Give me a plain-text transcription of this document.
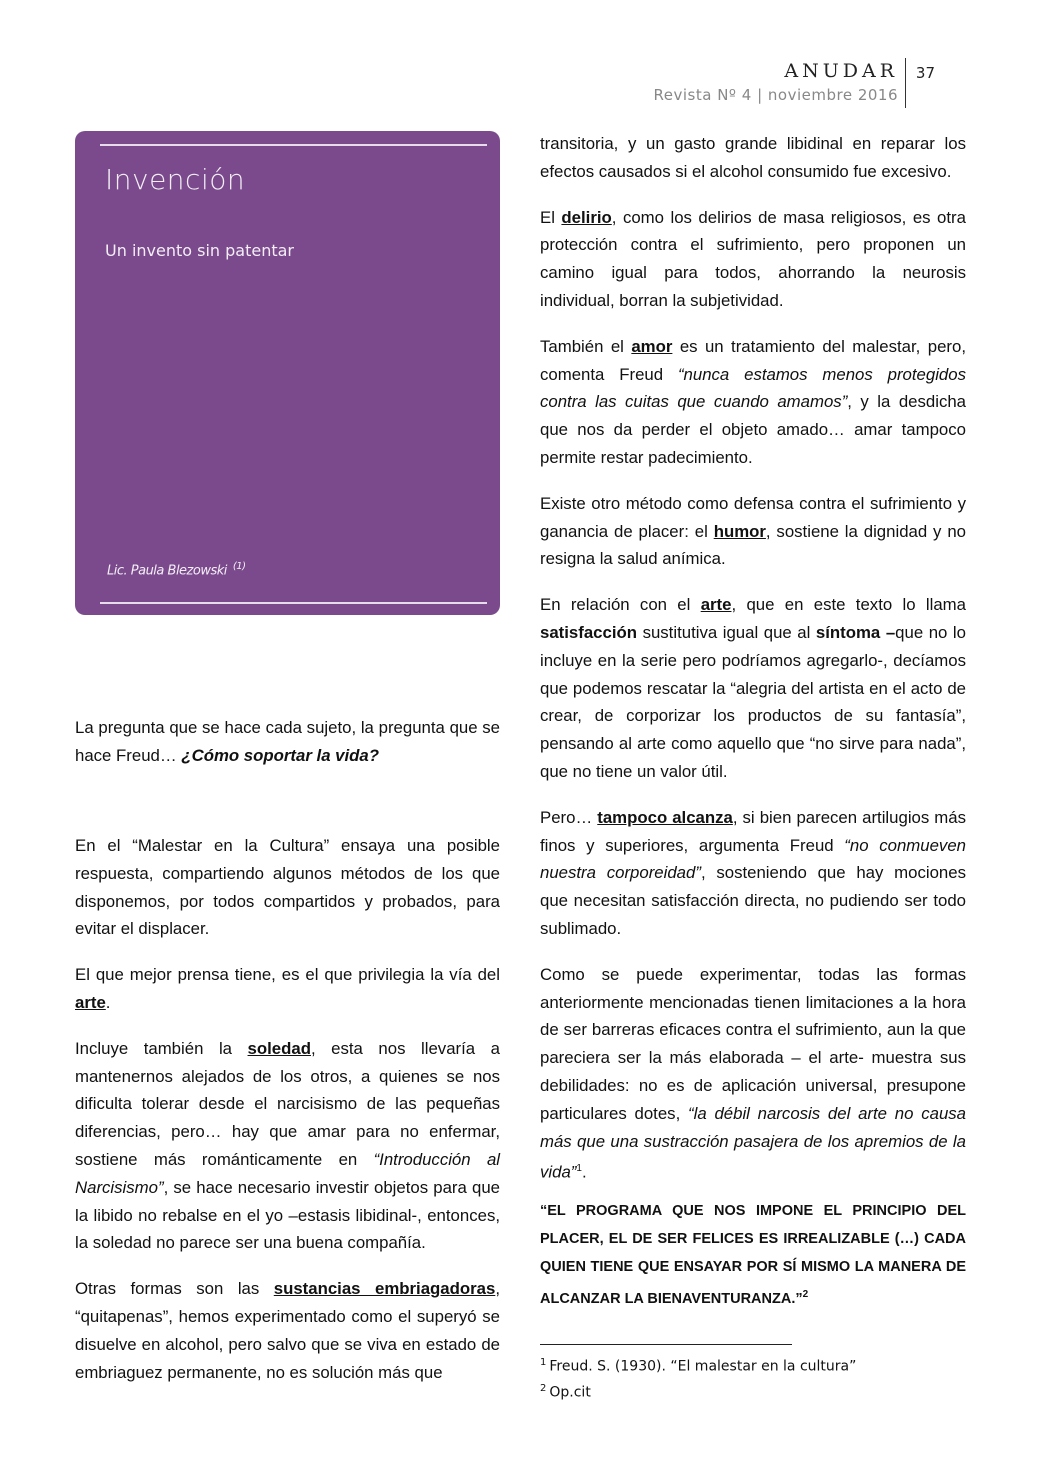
ANUDAR
Revista Nº 4 | noviembre 2016
37
Invención
Un invento sin patentar
Lic. Paula Blezowski $^{(1)}$

La pregunta que se hace cada sujeto, la pregunta que se hace Freud… ¿Cómo soportar la vida?

En el “Malestar en la Cultura” ensaya una posible respuesta, compartiendo algunos métodos de los que disponemos, por todos compartidos y probados, para evitar el displacer.

El que mejor prensa tiene, es el que privilegia la vía del arte.

Incluye también la soledad, esta nos llevaría a mantenernos alejados de los otros, a quienes se nos dificulta tolerar desde el narcisismo de las pequeñas diferencias, pero… hay que amar para no enfermar, sostiene más románticamente en “Introducción al Narcisismo”, se hace necesario investir objetos para que la libido no rebalse en el yo –estasis libidinal-, entonces, la soledad no parece ser una buena compañía.

Otras formas son las sustancias embriagadoras, “quitapenas”, hemos experimentado como el superyó se disuelve en alcohol, pero salvo que se viva en estado de embriaguez permanente, no es solución más que

transitoria, y un gasto grande libidinal en reparar los efectos causados si el alcohol consumido fue excesivo.

El delirio, como los delirios de masa religiosos, es otra protección contra el sufrimiento, pero proponen un camino igual para todos, ahorrando la neurosis individual, borran la subjetividad.

También el amor es un tratamiento del malestar, pero, comenta Freud “nunca estamos menos protegidos contra las cuitas que cuando amamos”, y la desdicha que nos da perder el objeto amado… amar tampoco permite restar padecimiento.

Existe otro método como defensa contra el sufrimiento y ganancia de placer: el humor, sostiene la dignidad y no resigna la salud anímica.

En relación con el arte, que en este texto lo llama satisfacción sustitutiva igual que al síntoma –que no lo incluye en la serie pero podríamos agregarlo-, decíamos que podemos rescatar la “alegria del artista en el acto de crear, de corporizar los productos de su fantasía”, pensando al arte como aquello que “no sirve para nada”, que no tiene un valor útil.

Pero… tampoco alcanza, si bien parecen artilugios más finos y superiores, argumenta Freud “no conmueven nuestra corporeidad”, sosteniendo que hay mociones que necesitan satisfacción directa, no pudiendo ser todo sublimado.

Como se puede experimentar, todas las formas anteriormente mencionadas tienen limitaciones a la hora de ser barreras eficaces contra el sufrimiento, aun la que pareciera ser la más elaborada – el arte- muestra sus debilidades: no es de aplicación universal, presupone particulares dotes, “la débil narcosis del arte no causa más que una sustracción pasajera de los apremios de la vida”$^1$.

“EL PROGRAMA QUE NOS IMPONE EL PRINCIPIO DEL PLACER, EL DE SER FELICES ES IRREALIZABLE (…) CADA QUIEN TIENE QUE ENSAYAR POR SÍ MISMO LA MANERA DE ALCANZAR LA BIENAVENTURANZA.”$^2$
$^1$ Freud. S. (1930). “El malestar en la cultura”
$^2$ Op.cit
